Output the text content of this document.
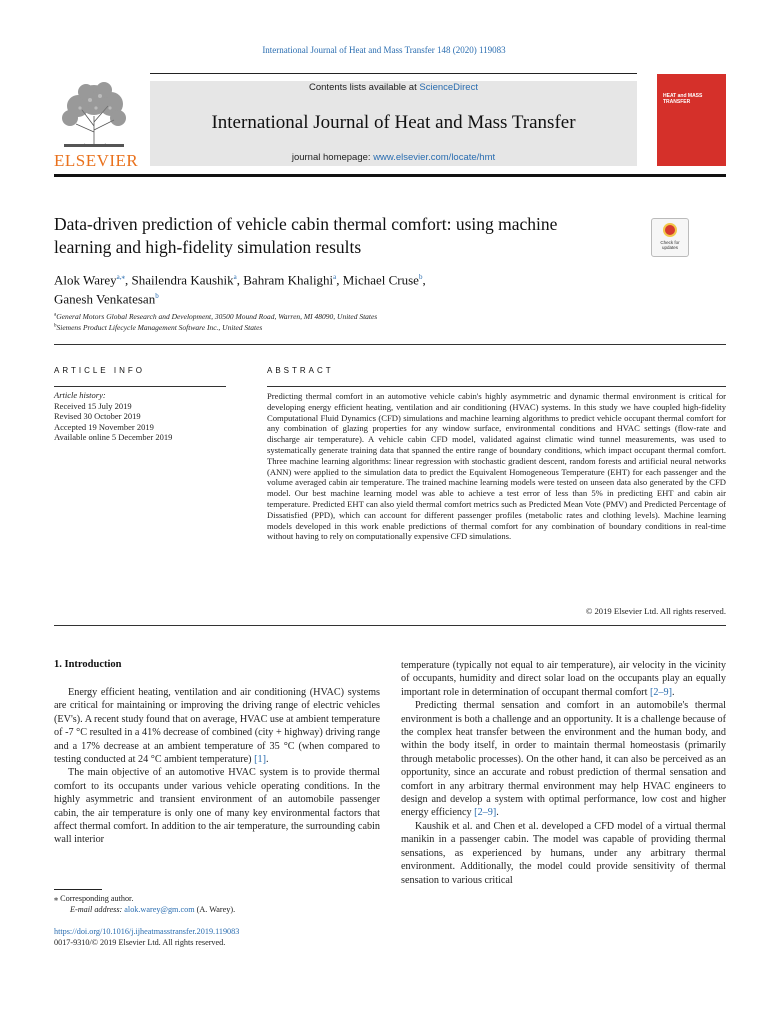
International Journal of Heat and Mass Transfer 148 (2020) 119083
ELSEVIER
Contents lists available at ScienceDirect
International Journal of Heat and Mass Transfer
journal homepage: www.elsevier.com/locate/hmt
HEAT and MASS TRANSFER
Data-driven prediction of vehicle cabin thermal comfort: using machine learning and high-fidelity simulation results	Check for updates
Alok Warey$^{a,⁎}$, Shailendra Kaushik$^a$, Bahram Khalighi$^a$, Michael Cruse$^b$,
Ganesh Venkatesan$^b$
$^a$General Motors Global Research and Development, 30500 Mound Road, Warren, MI 48090, United States
$^b$Siemens Product Lifecycle Management Software Inc., United States
ARTICLE INFO	ABSTRACT
Article history:
Received 15 July 2019
Revised 30 October 2019
Accepted 19 November 2019
Available online 5 December 2019
Predicting thermal comfort in an automotive vehicle cabin's highly asymmetric and dynamic thermal environment is critical for developing energy efficient heating, ventilation and air conditioning (HVAC) systems. In this study we have coupled high-fidelity Computational Fluid Dynamics (CFD) simulations and machine learning algorithms to predict vehicle occupant thermal comfort for any combination of glazing properties for any window surface, environmental conditions and HVAC settings (flow-rate and discharge air temperature). A vehicle cabin CFD model, validated against climatic wind tunnel measurements, was used to systematically generate training data that spanned the entire range of boundary conditions, which impact occupant thermal comfort. Three machine learning algorithms: linear regression with stochastic gradient descent, random forests and artificial neural networks (ANN) were applied to the simulation data to predict the Equivalent Homogeneous Temperature (EHT) for each passenger and the volume averaged cabin air temperature. The trained machine learning models were tested on unseen data also generated by the CFD model. Our best machine learning model was able to achieve a test error of less than 5% in predicting EHT and cabin air temperature. Predicted EHT can also yield thermal comfort metrics such as Predicted Mean Vote (PMV) and Predicted Percentage of Dissatisfied (PPD), which can account for different passenger profiles (metabolic rates and clothing levels). Machine learning models developed in this work enable predictions of thermal comfort for any combination of boundary conditions in real-time without having to rely on computationally expensive CFD simulations.
© 2019 Elsevier Ltd. All rights reserved.
1. Introduction

Energy efficient heating, ventilation and air conditioning (HVAC) systems are critical for maintaining or improving the driving range of electric vehicles (EV's). A recent study found that on average, HVAC use at ambient temperature of -7 °C resulted in a 41% decrease of combined (city + highway) driving range and a 17% decrease at an ambient temperature of 35 °C (when compared to testing conducted at 24 °C ambient temperature) [1].

The main objective of an automotive HVAC system is to provide thermal comfort to its occupants under various vehicle operating conditions. In the highly asymmetric and transient environment of an automobile passenger cabin, the air temperature is only one of many key environmental factors that affect thermal comfort. In addition to the air temperature, the surrounding cabin wall interior

temperature (typically not equal to air temperature), air velocity in the vicinity of occupants, humidity and direct solar load on the occupants play an equally important role in determination of occupant thermal comfort [2–9].

Predicting thermal sensation and comfort in an automobile's thermal environment is both a challenge and an opportunity. It is a challenge because of the complex heat transfer between the environment and the human body, and within the body itself, in order to maintain thermal homeostasis (primarily through metabolic processes). On the other hand, it can also be perceived as an opportunity, since an accurate and robust prediction of thermal sensation and comfort in any arbitrary thermal environment may help HVAC engineers to design and develop a system with optimal performance, low cost and higher energy efficiency [2–9].

Kaushik et al. and Chen et al. developed a CFD model of a virtual thermal manikin in a passenger cabin. The model was capable of providing thermal sensations, as experienced by humans, under any arbitrary thermal environment. Additionally, the model could provide sensitivity of thermal sensation to various critical

⁎ Corresponding author.
E-mail address: alok.warey@gm.com (A. Warey).
https://doi.org/10.1016/j.ijheatmasstransfer.2019.119083
0017-9310/© 2019 Elsevier Ltd. All rights reserved.
